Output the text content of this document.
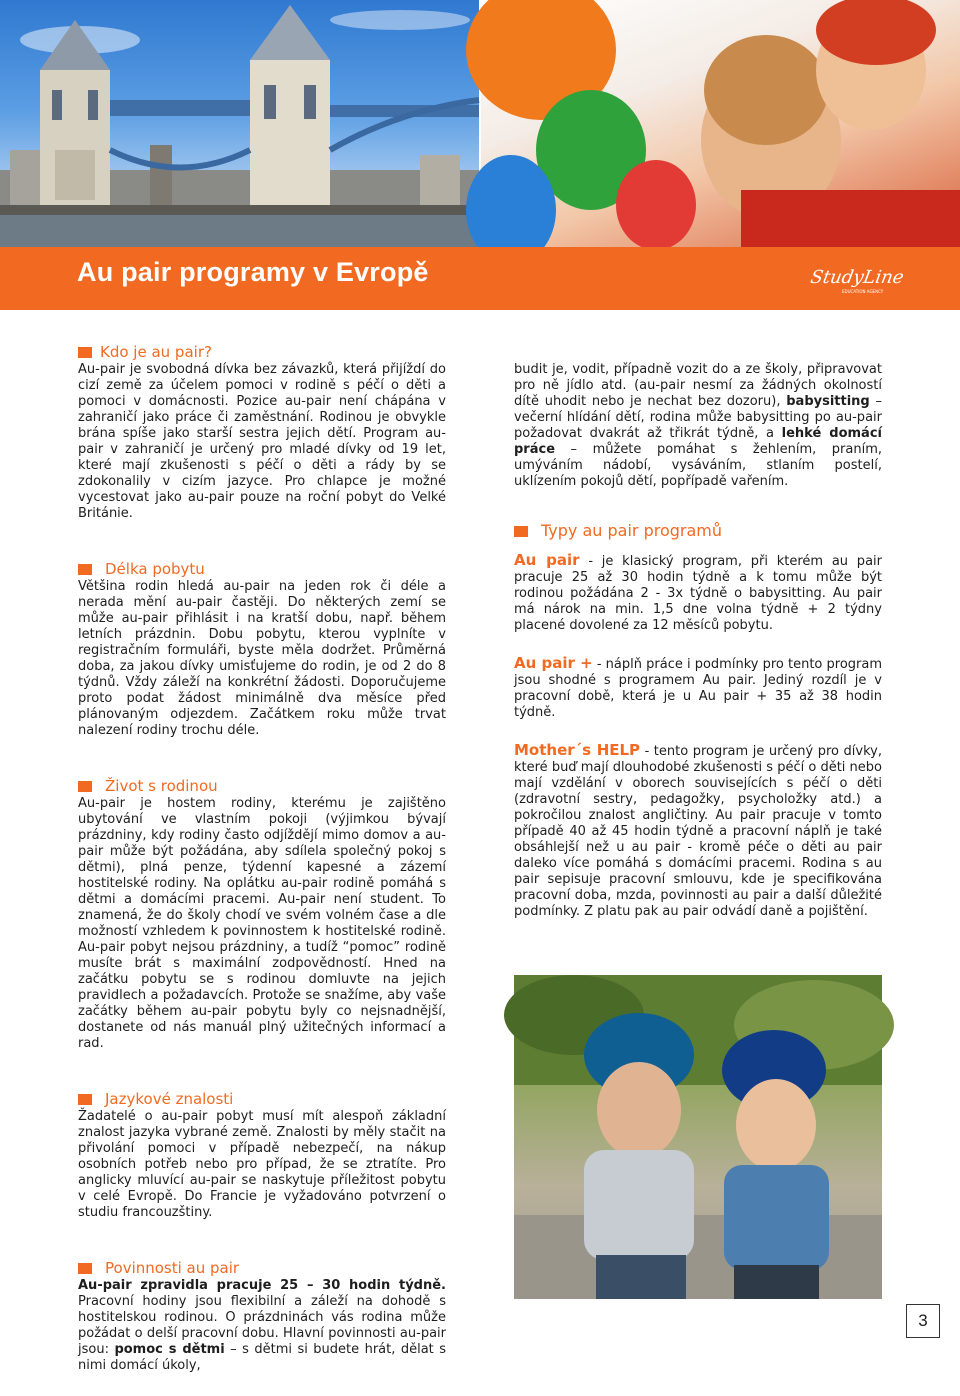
Au pair programy v Evropě	StudyLine
EDUCATION AGENCY
Kdo je au pair?

Au-pair je svobodná dívka bez závazků, která přijíždí do cizí země za účelem pomoci v rodině s péčí o děti a pomoci v domácnosti. Pozice au-pair není chápána v zahraničí jako práce či zaměstnání. Rodinou je obvykle brána spíše jako starší sestra jejich dětí. Program au-pair v zahraničí je určený pro mladé dívky od 19 let, které mají zkušenosti s péčí o děti a rády by se zdokonalily v cizím jazyce. Pro chlapce je možné vycestovat jako au-pair pouze na roční pobyt do Velké Británie.

Délka pobytu

Většina rodin hledá au-pair na jeden rok či déle a nerada mění au-pair častěji. Do některých zemí se může au-pair přihlásit i na kratší dobu, např. během letních prázdnin. Dobu pobytu, kterou vyplníte v registračním formuláři, byste měla dodržet. Průměrná doba, za jakou dívky umisťujeme do rodin, je od 2 do 8 týdnů. Vždy záleží na konkrétní žádosti. Doporučujeme proto podat žádost minimálně dva měsíce před plánovaným odjezdem. Začátkem roku může trvat nalezení rodiny trochu déle.

Život s rodinou

Au-pair je hostem rodiny, kterému je zajištěno ubytování ve vlastním pokoji (výjimkou bývají prázdniny, kdy rodiny často odjíždějí mimo domov a au-pair může být požádána, aby sdílela společný pokoj s dětmi), plná penze, týdenní kapesné a zázemí hostitelské rodiny. Na oplátku au-pair rodině pomáhá s dětmi a domácími pracemi. Au-pair není student. To znamená, že do školy chodí ve svém volném čase a dle možností vzhledem k povinnostem k hostitelské rodině. Au-pair pobyt nejsou prázdniny, a tudíž “pomoc” rodině musíte brát s maximální zodpovědností. Hned na začátku pobytu se s rodinou domluvte na jejich pravidlech a požadavcích. Protože se snažíme, aby vaše začátky během au-pair pobytu byly co nejsnadnější, dostanete od nás manuál plný užitečných informací a rad.

Jazykové znalosti

Žadatelé o au-pair pobyt musí mít alespoň základní znalost jazyka vybrané země. Znalosti by měly stačit na přivolání pomoci v případě nebezpečí, na nákup osobních potřeb nebo pro případ, že se ztratíte. Pro anglicky mluvící au-pair se naskytuje příležitost pobytu v celé Evropě. Do Francie je vyžadováno potvrzení o studiu francouzštiny.

Povinnosti au pair

Au-pair zpravidla pracuje 25 – 30 hodin týdně. Pracovní hodiny jsou flexibilní a záleží na dohodě s hostitelskou rodinou. O prázdninách vás rodina může požádat o delší pracovní dobu. Hlavní povinnosti au-pair jsou: pomoc s dětmi – s dětmi si budete hrát, dělat s nimi domácí úkoly,

budit je, vodit, případně vozit do a ze školy, připravovat pro ně jídlo atd. (au-pair nesmí za žádných okolností dítě uhodit nebo je nechat bez dozoru), babysitting – večerní hlídání dětí, rodina může babysitting po au-pair požadovat dvakrát až třikrát týdně, a lehké domácí práce – můžete pomáhat s žehlením, praním, umýváním nádobí, vysáváním, stlaním postelí, uklízením pokojů dětí, popřípadě vařením.

Typy au pair programů

Au pair - je klasický program, při kterém au pair pracuje 25 až 30 hodin týdně a k tomu může být rodinou požádána 2 - 3x týdně o babysitting. Au pair má nárok na min. 1,5 dne volna týdně + 2 týdny placené dovolené za 12 měsíců pobytu.

Au pair + - náplň práce i podmínky pro tento program jsou shodné s programem Au pair. Jediný rozdíl je v pracovní době, která je u Au pair + 35 až 38 hodin týdně.

Mother´s HELP - tento program je určený pro dívky, které buď mají dlouhodobé zkušenosti s péčí o děti nebo mají vzdělání v oborech souvisejících s péčí o děti (zdravotní sestry, pedagožky, psycholožky atd.) a pokročilou znalost angličtiny. Au pair pracuje v tomto případě 40 až 45 hodin týdně a pracovní náplň je také obsáhlejší než u au pair - kromě péče o děti au pair daleko více pomáhá s domácími pracemi. Rodina s au pair sepisuje pracovní smlouvu, kde je specifikována pracovní doba, mzda, povinnosti au pair a další důležité podmínky. Z platu pak au pair odvádí daně a pojištění.

3
